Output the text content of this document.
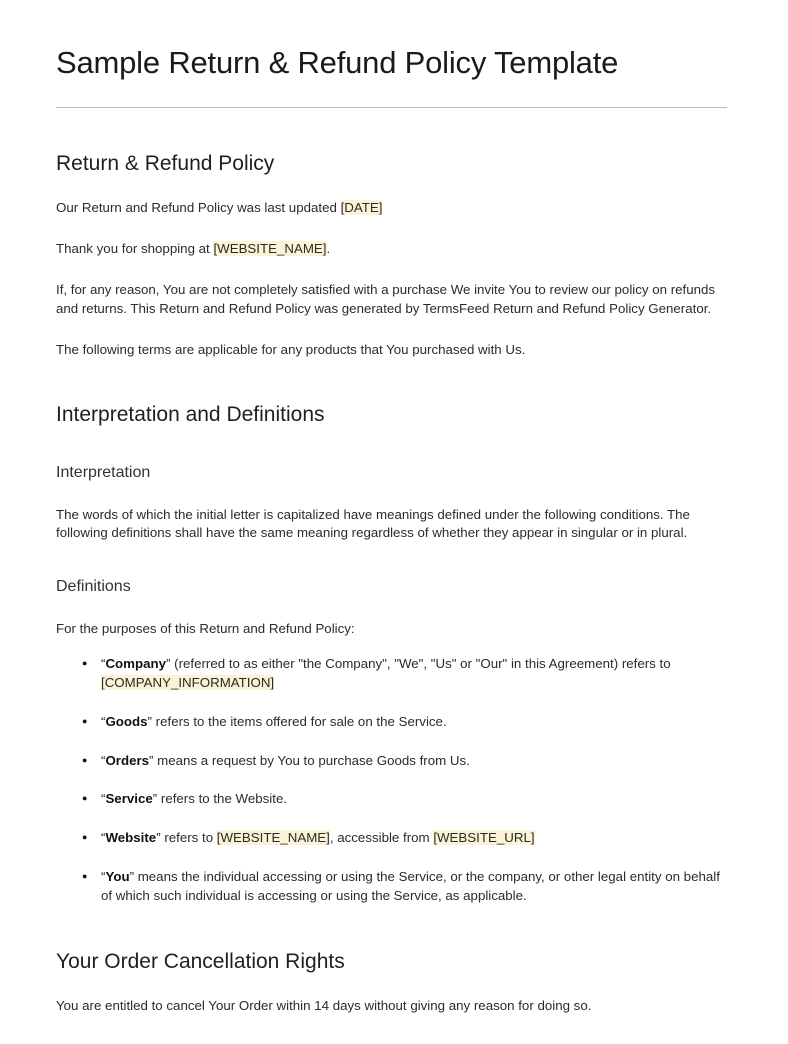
Sample Return & Refund Policy Template
Return & Refund Policy

Our Return and Refund Policy was last updated [DATE]

Thank you for shopping at [WEBSITE_NAME].

If, for any reason, You are not completely satisfied with a purchase We invite You to review our policy on refunds and returns. This Return and Refund Policy was generated by TermsFeed Return and Refund Policy Generator.

The following terms are applicable for any products that You purchased with Us.

Interpretation and Definitions
Interpretation

The words of which the initial letter is capitalized have meanings defined under the following conditions. The following definitions shall have the same meaning regardless of whether they appear in singular or in plural.

Definitions

For the purposes of this Return and Refund Policy:

● “Company” (referred to as either "the Company", "We", "Us" or "Our" in this Agreement) refers to [COMPANY_INFORMATION]
● “Goods” refers to the items offered for sale on the Service.
● “Orders” means a request by You to purchase Goods from Us.
● “Service” refers to the Website.
● “Website” refers to [WEBSITE_NAME], accessible from [WEBSITE_URL]
● “You” means the individual accessing or using the Service, or the company, or other legal entity on behalf of which such individual is accessing or using the Service, as applicable.
Your Order Cancellation Rights

You are entitled to cancel Your Order within 14 days without giving any reason for doing so.
